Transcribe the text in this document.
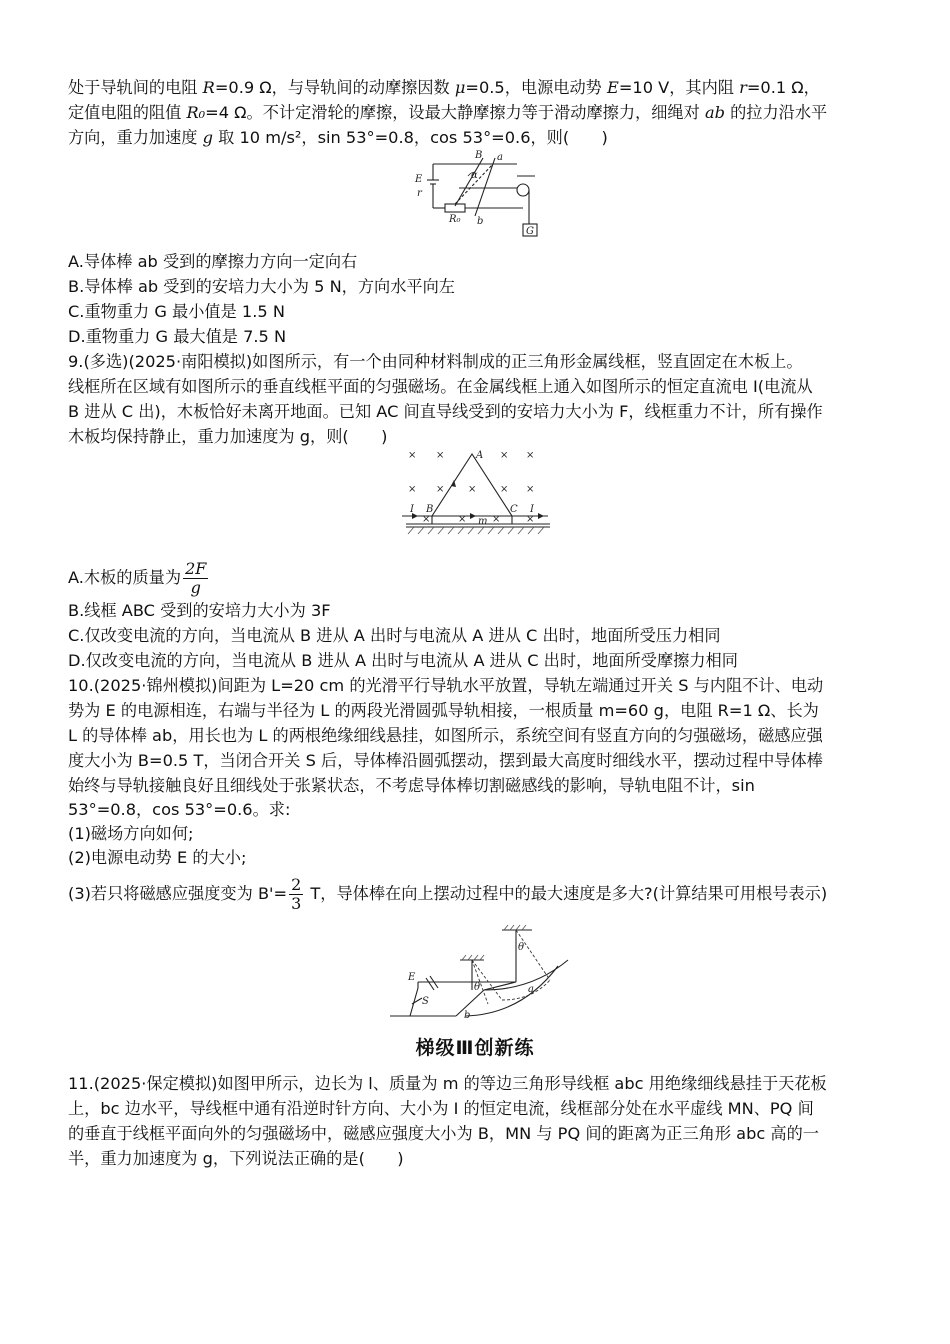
处于导轨间的电阻 R=0.9 Ω，与导轨间的动摩擦因数 μ=0.5，电源电动势 E=10 V，其内阻 r=0.1 Ω，
定值电阻的阻值 R₀=4 Ω。不计定滑轮的摩擦，设最大静摩擦力等于滑动摩擦力，细绳对 ab 的拉力沿水平
方向，重力加速度 g 取 10 m/s²，sin 53°=0.8，cos 53°=0.6，则(　　)
B a
α
E
r
R₀ b
G
A.导体棒 ab 受到的摩擦力方向一定向右
B.导体棒 ab 受到的安培力大小为 5 N，方向水平向左
C.重物重力 G 最小值是 1.5 N
D.重物重力 G 最大值是 7.5 N
9.(多选)(2025·南阳模拟)如图所示，有一个由同种材料制成的正三角形金属线框，竖直固定在木板上。
线框所在区域有如图所示的垂直线框平面的匀强磁场。在金属线框上通入如图所示的恒定直流电 I(电流从
B 进从 C 出)，木板恰好未离开地面。已知 AC 间直导线受到的安培力大小为 F，线框重力不计，所有操作
木板均保持静止，重力加速度为 g，则(　　)
× ×	× ×
× × × × ×
×	×	×	×
A
B	C
I	I
m
A.木板的质量为 $\frac{2F}{g}$
B.线框 ABC 受到的安培力大小为 3F
C.仅改变电流的方向，当电流从 B 进从 A 出时与电流从 A 进从 C 出时，地面所受压力相同
D.仅改变电流的方向，当电流从 B 进从 A 出时与电流从 A 进从 C 出时，地面所受摩擦力相同
10.(2025·锦州模拟)间距为 L=20 cm 的光滑平行导轨水平放置，导轨左端通过开关 S 与内阻不计、电动
势为 E 的电源相连，右端与半径为 L 的两段光滑圆弧导轨相接，一根质量 m=60 g，电阻 R=1 Ω、长为
L 的导体棒 ab，用长也为 L 的两根绝缘细线悬挂，如图所示，系统空间有竖直方向的匀强磁场，磁感应强
度大小为 B=0.5 T，当闭合开关 S 后，导体棒沿圆弧摆动，摆到最大高度时细线水平，摆动过程中导体棒
始终与导轨接触良好且细线处于张紧状态，不考虑导体棒切割磁感线的影响，导轨电阻不计，sin
53°=0.8，cos 53°=0.6。求:
(1)磁场方向如何;
(2)电源电动势 E 的大小;
(3)若只将磁感应强度变为 $B'= \frac{2}{3}$ T，导体棒在向上摆动过程中的最大速度是多大?(计算结果可用根号表示)
E
S
θ
θ	a
b
梯级Ⅲ创新练
11.(2025·保定模拟)如图甲所示，边长为 l、质量为 m 的等边三角形导线框 abc 用绝缘细线悬挂于天花板
上，bc 边水平，导线框中通有沿逆时针方向、大小为 I 的恒定电流，线框部分处在水平虚线 MN、PQ 间
的垂直于线框平面向外的匀强磁场中，磁感应强度大小为 B，MN 与 PQ 间的距离为正三角形 abc 高的一
半，重力加速度为 g，下列说法正确的是(　　)
